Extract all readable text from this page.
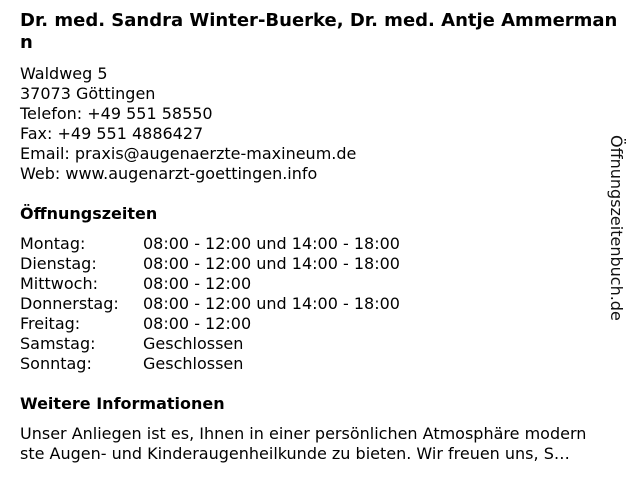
Dr. med. Sandra Winter-Buerke, Dr. med. Antje Ammermann
Waldweg 5
37073 Göttingen
Telefon: +49 551 58550
Fax: +49 551 4886427
Email: praxis@augenaerzte-maxineum.de
Web: www.augenarzt-goettingen.info
Öffnungszeiten
Montag:	08:00 - 12:00 und 14:00 - 18:00
Dienstag:	08:00 - 12:00 und 14:00 - 18:00
Mittwoch:	08:00 - 12:00
Donnerstag:	08:00 - 12:00 und 14:00 - 18:00
Freitag:	08:00 - 12:00
Samstag:	Geschlossen
Sonntag:	Geschlossen
Weitere Informationen
Unser Anliegen ist es, Ihnen in einer persönlichen Atmosphäre modern
ste Augen- und Kinderaugenheilkunde zu bieten. Wir freuen uns, S…
Öffnungszeitenbuch.de
